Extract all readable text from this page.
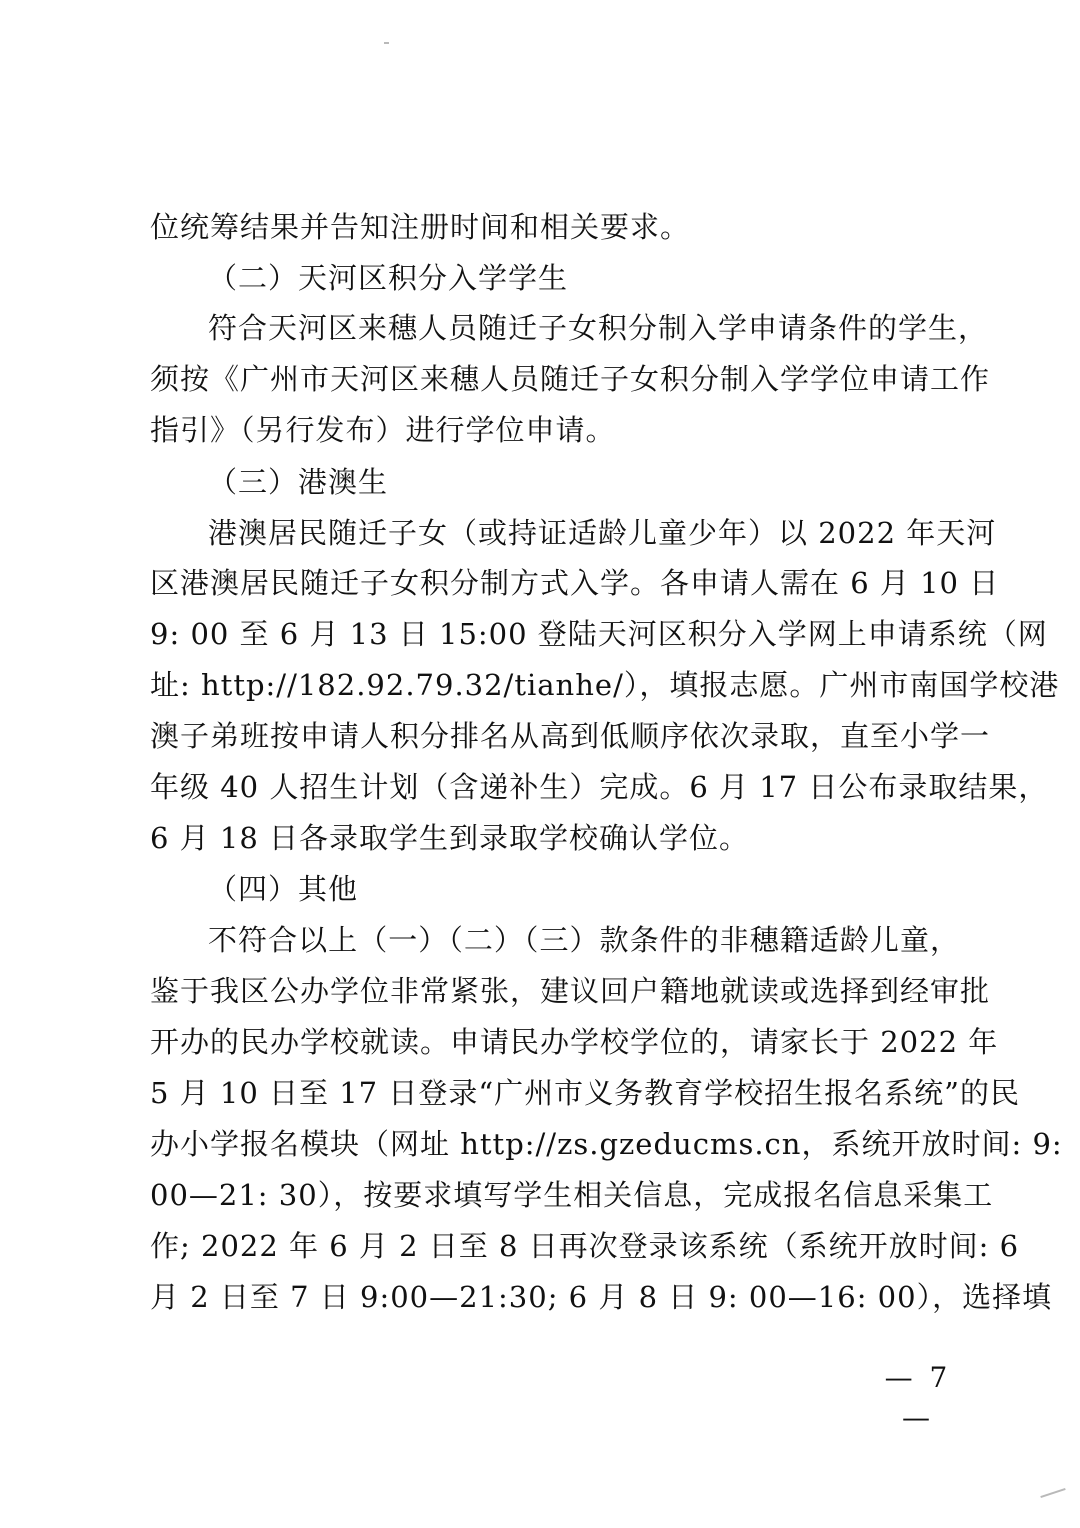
位统筹结果并告知注册时间和相关要求。
（二）天河区积分入学学生
符合天河区来穗人员随迁子女积分制入学申请条件的学生，
须按《广州市天河区来穗人员随迁子女积分制入学学位申请工作
指引》（另行发布）进行学位申请。
（三）港澳生
港澳居民随迁子女（或持证适龄儿童少年）以 2022 年天河
区港澳居民随迁子女积分制方式入学。各申请人需在 6 月 10 日
9: 00 至 6 月 13 日 15:00 登陆天河区积分入学网上申请系统（网
址: http://182.92.79.32/tianhe/），填报志愿。广州市南国学校港
澳子弟班按申请人积分排名从高到低顺序依次录取，直至小学一
年级 40 人招生计划（含递补生）完成。6 月 17 日公布录取结果，
6 月 18 日各录取学生到录取学校确认学位。
（四）其他
不符合以上（一）（二）（三）款条件的非穗籍适龄儿童，
鉴于我区公办学位非常紧张，建议回户籍地就读或选择到经审批
开办的民办学校就读。申请民办学校学位的，请家长于 2022 年
5 月 10 日至 17 日登录“广州市义务教育学校招生报名系统”的民
办小学报名模块（网址 http://zs.gzeducms.cn，系统开放时间: 9:
00—21: 30），按要求填写学生相关信息，完成报名信息采集工
作; 2022 年 6 月 2 日至 8 日再次登录该系统（系统开放时间: 6
月 2 日至 7 日 9:00—21:30; 6 月 8 日 9: 00—16: 00），选择填
— 7 —
